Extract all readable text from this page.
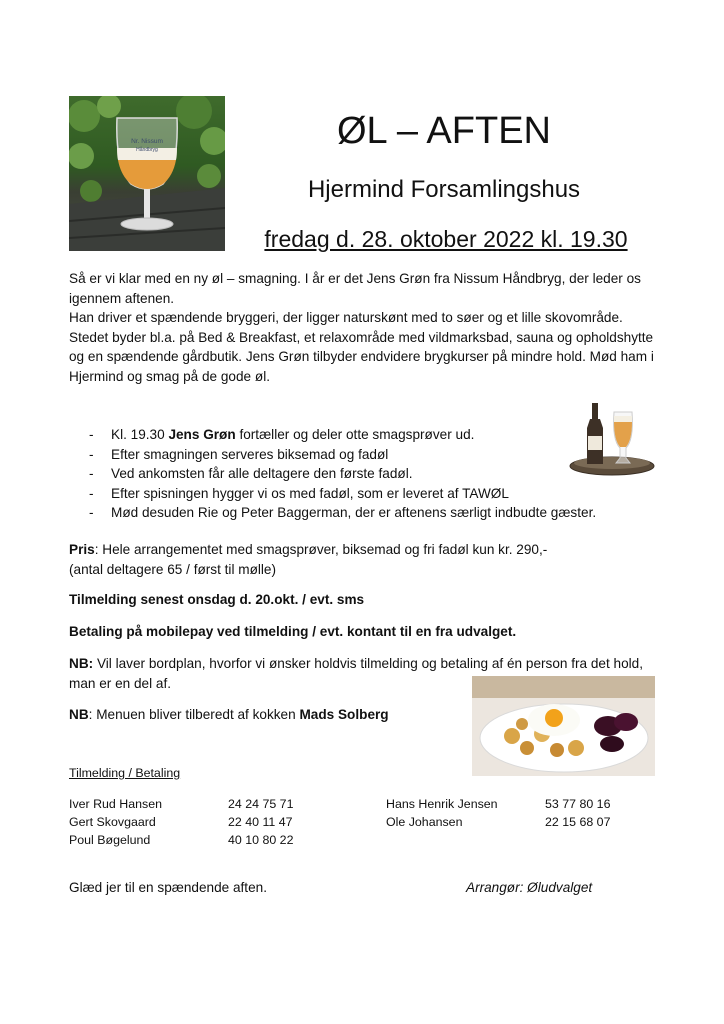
Nr. Nissum
Håndbryg	ØL – AFTEN
Hjermind Forsamlingshus
fredag d. 28. oktober 2022 kl. 19.30

Så er vi klar med en ny øl – smagning. I år er det Jens Grøn fra Nissum Håndbryg, der leder os igennem aftenen.

Han driver et spændende bryggeri, der ligger naturskønt med to søer og et lille skovområde.

Stedet byder bl.a. på Bed & Breakfast, et relaxområde med vildmarksbad, sauna og opholdshytte og en spændende gårdbutik. Jens Grøn tilbyder endvidere brygkurser på mindre hold. Mød ham i Hjermind og smag på de gode øl.

- Kl. 19.30 Jens Grøn fortæller og deler otte smagsprøver ud.
- Efter smagningen serveres biksemad og fadøl
- Ved ankomsten får alle deltagere den første fadøl.
- Efter spisningen hygger vi os med fadøl, som er leveret af TAWØL
- Mød desuden Rie og Peter Baggerman, der er aftenens særligt indbudte gæster.

Pris: Hele arrangementet med smagsprøver, biksemad og fri fadøl kun kr. 290,-
(antal deltagere 65 / først til mølle)

Tilmelding senest onsdag d. 20.okt. / evt. sms

Betaling på mobilepay ved tilmelding / evt. kontant til en fra udvalget.

NB: Vil laver bordplan, hvorfor vi ønsker holdvis tilmelding og betaling af én person fra det hold, man er en del af.

NB: Menuen bliver tilberedt af kokken Mads Solberg

Tilmelding / Betaling
Iver Rud Hansen
Gert Skovgaard
Poul Bøgelund
24 24 75 71
22 40 11 47
40 10 80 22
Hans Henrik Jensen
Ole Johansen
53 77 80 16
22 15 68 07
Glæd jer til en spændende aften.	Arrangør: Øludvalget
